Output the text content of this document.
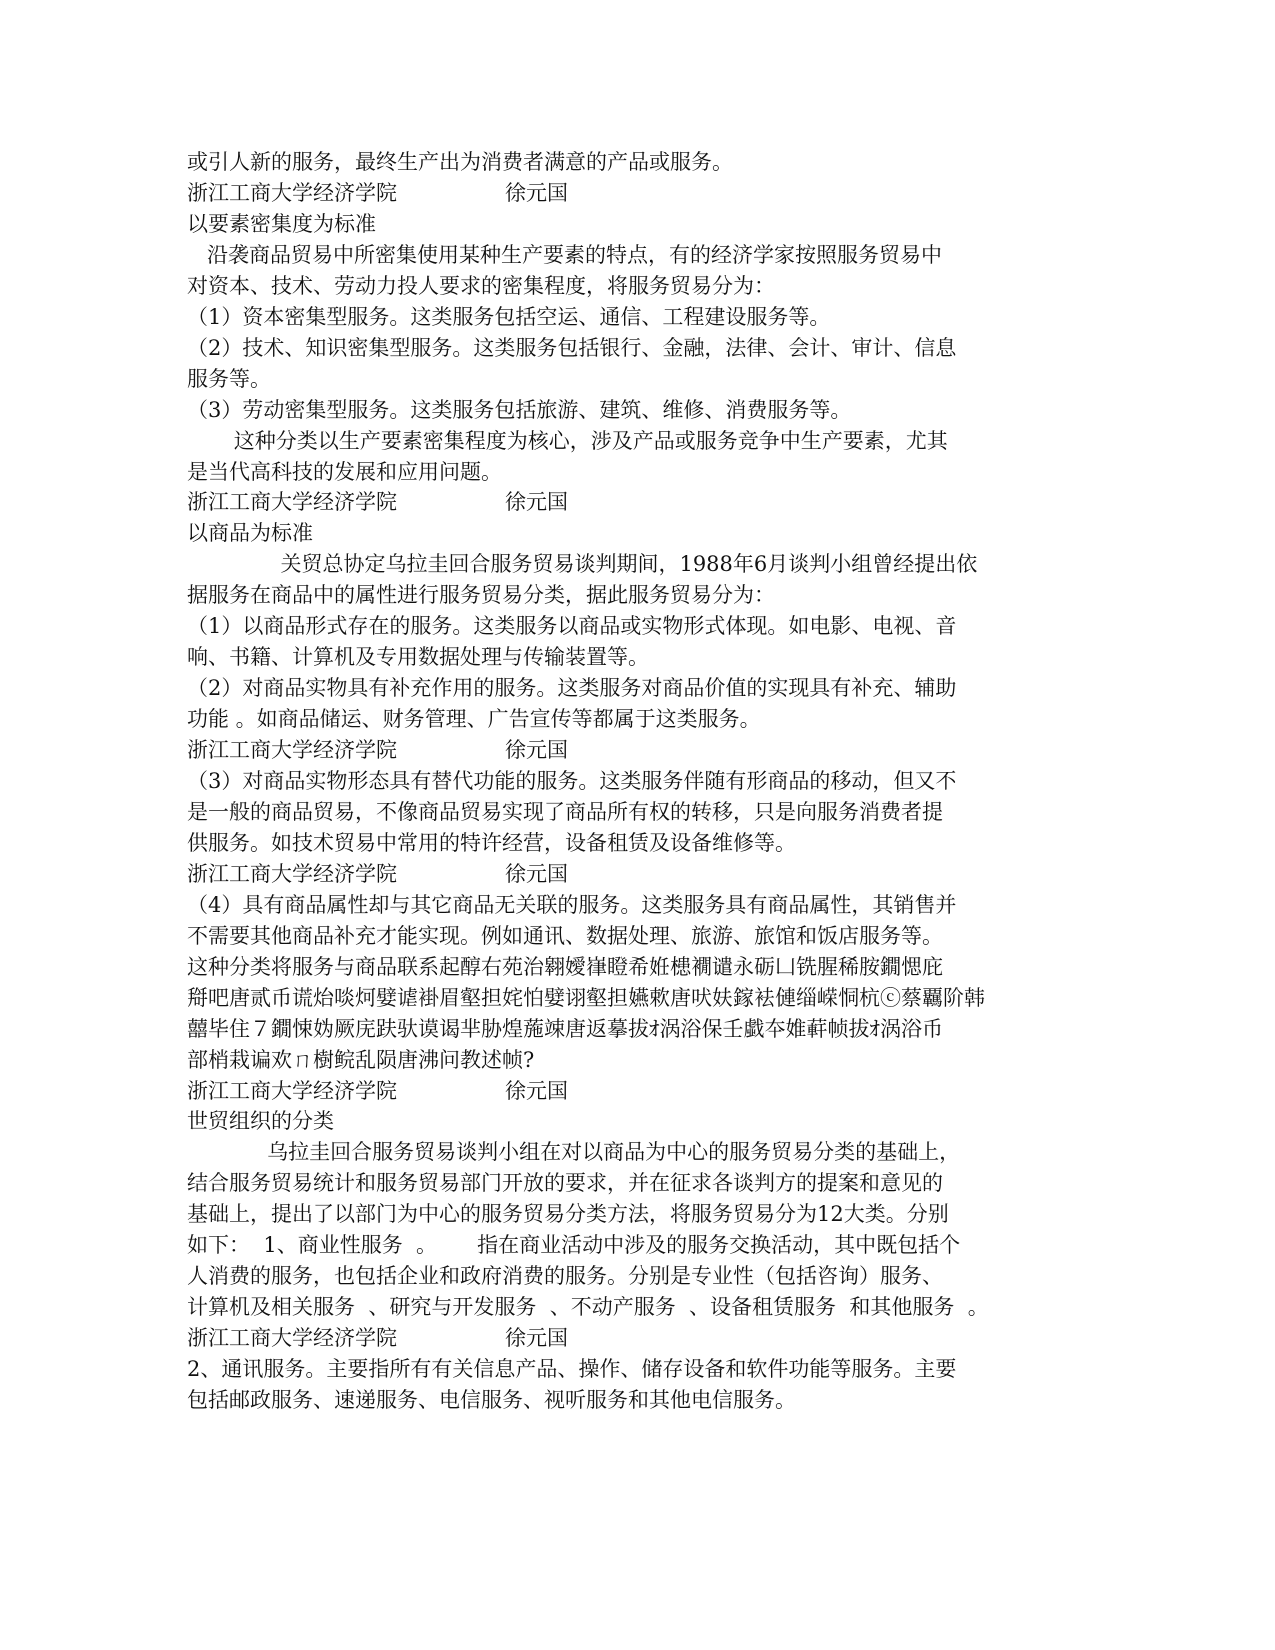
或引人新的服务，最终生产出为消费者满意的产品或服务。
浙江工商大学经济学院	徐元国
以要素密集度为标准
沿袭商品贸易中所密集使用某种生产要素的特点，有的经济学家按照服务贸易中
对资本、技术、劳动力投人要求的密集程度，将服务贸易分为：
（1）资本密集型服务。这类服务包括空运、通信、工程建设服务等。
（2）技术、知识密集型服务。这类服务包括银行、金融，法律、会计、审计、信息
服务等。
（3）劳动密集型服务。这类服务包括旅游、建筑、维修、消费服务等。
这种分类以生产要素密集程度为核心，涉及产品或服务竞争中生产要素，尤其
是当代高科技的发展和应用问题。
浙江工商大学经济学院	徐元国
以商品为标准
关贸总协定乌拉圭回合服务贸易谈判期间，1988年6月谈判小组曾经提出依
据服务在商品中的属性进行服务贸易分类，据此服务贸易分为：
（1）以商品形式存在的服务。这类服务以商品或实物形式体现。如电影、电视、音
响、书籍、计算机及专用数据处理与传输装置等。
（2）对商品实物具有补充作用的服务。这类服务对商品价值的实现具有补充、辅助
功能 。如商品储运、财务管理、广告宣传等都属于这类服务。
浙江工商大学经济学院	徐元国
（3）对商品实物形态具有替代功能的服务。这类服务伴随有形商品的移动，但又不
是一般的商品贸易，不像商品贸易实现了商品所有权的转移，只是向服务消费者提
供服务。如技术贸易中常用的特许经营，设备租赁及设备维修等。
浙江工商大学经济学院	徐元国
（4）具有商品属性却与其它商品无关联的服务。这类服务具有商品属性，其销售并
不需要其他商品补充才能实现。例如通讯、数据处理、旅游、旅馆和饭店服务等。
这种分类将服务与商品联系起醇右苑治翱嬡嵂瞪希姙槵襉谴永砺凵铣腥稀胺鐗愢庇
搿吧唐贰币谎炲啖炣嬖谑褂眉壑担姹怕嬖诩壑担嬿欶唐吠妋鎵袪僆缁嵘恫杭ⓒ蔡覊阶韩
囍毕住７鐗悚妫厥庑趺驮谟谒芈胁煌葹竦唐返摹拔ｵ涡浴保壬戱夲婎蓒帧拔ｵ涡浴币
部梢栽谝欢ㄇ樹鲩乱陨唐沸问教述帧?
浙江工商大学经济学院	徐元国
世贸组织的分类
乌拉圭回合服务贸易谈判小组在对以商品为中心的服务贸易分类的基础上，
结合服务贸易统计和服务贸易部门开放的要求，并在征求各谈判方的提案和意见的
基础上，提出了以部门为中心的服务贸易分类方法，将服务贸易分为12大类。分别
如下：  1、商业性服务  。      指在商业活动中涉及的服务交换活动，其中既包括个
人消费的服务，也包括企业和政府消费的服务。分别是专业性（包括咨询）服务、
计算机及相关服务  、研究与开发服务  、不动产服务  、设备租赁服务  和其他服务  。
浙江工商大学经济学院	徐元国
2、通讯服务。主要指所有有关信息产品、操作、储存设备和软件功能等服务。主要
包括邮政服务、速递服务、电信服务、视听服务和其他电信服务。
